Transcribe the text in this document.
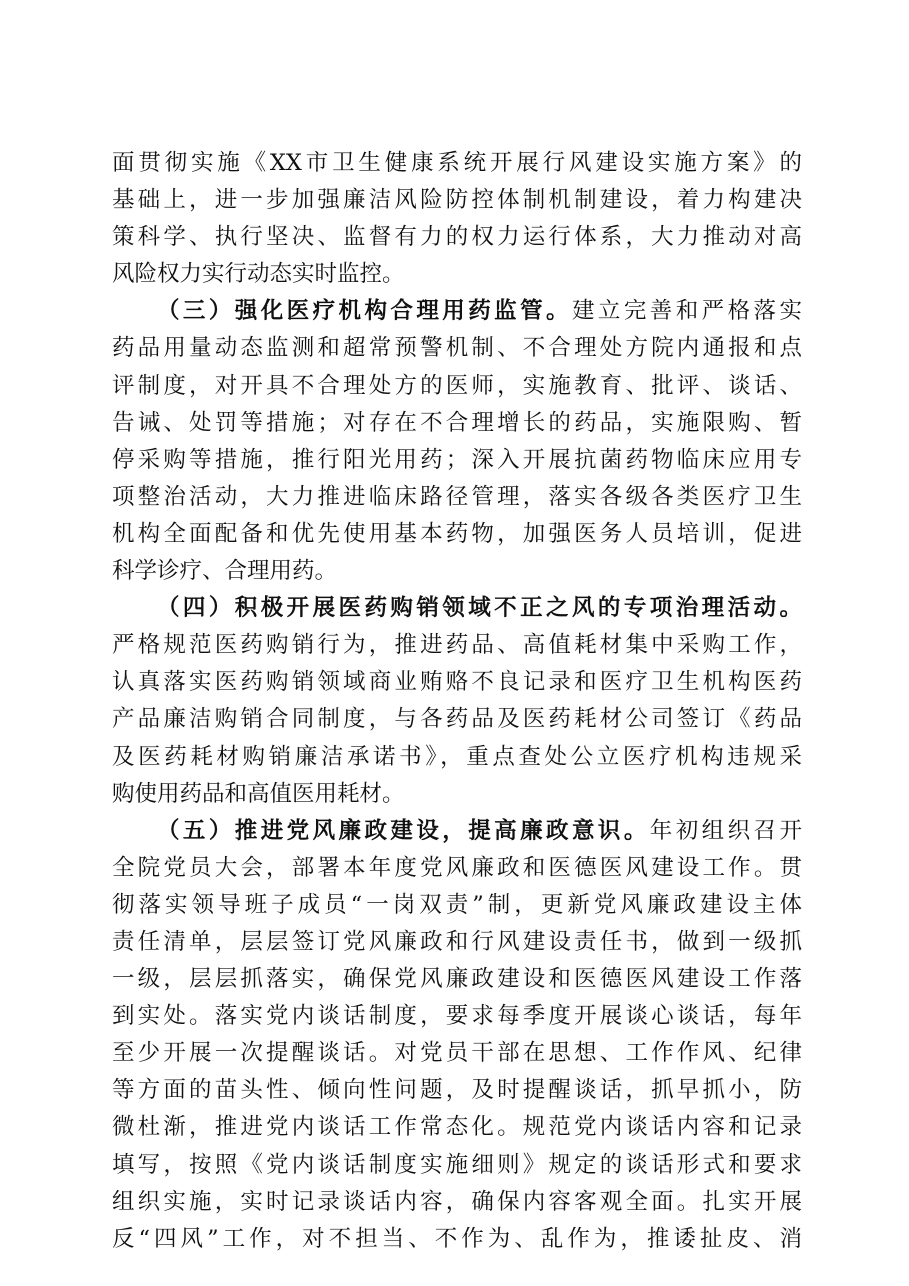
面贯彻实施《XX市卫生健康系统开展行风建设实施方案》的
基础上，进一步加强廉洁风险防控体制机制建设，着力构建决
策科学、执行坚决、监督有力的权力运行体系，大力推动对高
风险权力实行动态实时监控。
（三）强化医疗机构合理用药监管。建立完善和严格落实
药品用量动态监测和超常预警机制、不合理处方院内通报和点
评制度，对开具不合理处方的医师，实施教育、批评、谈话、
告诫、处罚等措施；对存在不合理增长的药品，实施限购、暂
停采购等措施，推行阳光用药；深入开展抗菌药物临床应用专
项整治活动，大力推进临床路径管理，落实各级各类医疗卫生
机构全面配备和优先使用基本药物，加强医务人员培训，促进
科学诊疗、合理用药。
（四）积极开展医药购销领域不正之风的专项治理活动。
严格规范医药购销行为，推进药品、高值耗材集中采购工作，
认真落实医药购销领域商业贿赂不良记录和医疗卫生机构医药
产品廉洁购销合同制度，与各药品及医药耗材公司签订《药品
及医药耗材购销廉洁承诺书》，重点查处公立医疗机构违规采
购使用药品和高值医用耗材。
（五）推进党风廉政建设，提高廉政意识。年初组织召开
全院党员大会，部署本年度党风廉政和医德医风建设工作。贯
彻落实领导班子成员“一岗双责”制，更新党风廉政建设主体
责任清单，层层签订党风廉政和行风建设责任书，做到一级抓
一级，层层抓落实，确保党风廉政建设和医德医风建设工作落
到实处。落实党内谈话制度，要求每季度开展谈心谈话，每年
至少开展一次提醒谈话。对党员干部在思想、工作作风、纪律
等方面的苗头性、倾向性问题，及时提醒谈话，抓早抓小，防
微杜渐，推进党内谈话工作常态化。规范党内谈话内容和记录
填写，按照《党内谈话制度实施细则》规定的谈话形式和要求
组织实施，实时记录谈话内容，确保内容客观全面。扎实开展
反“四风”工作，对不担当、不作为、乱作为，推诿扯皮、消
